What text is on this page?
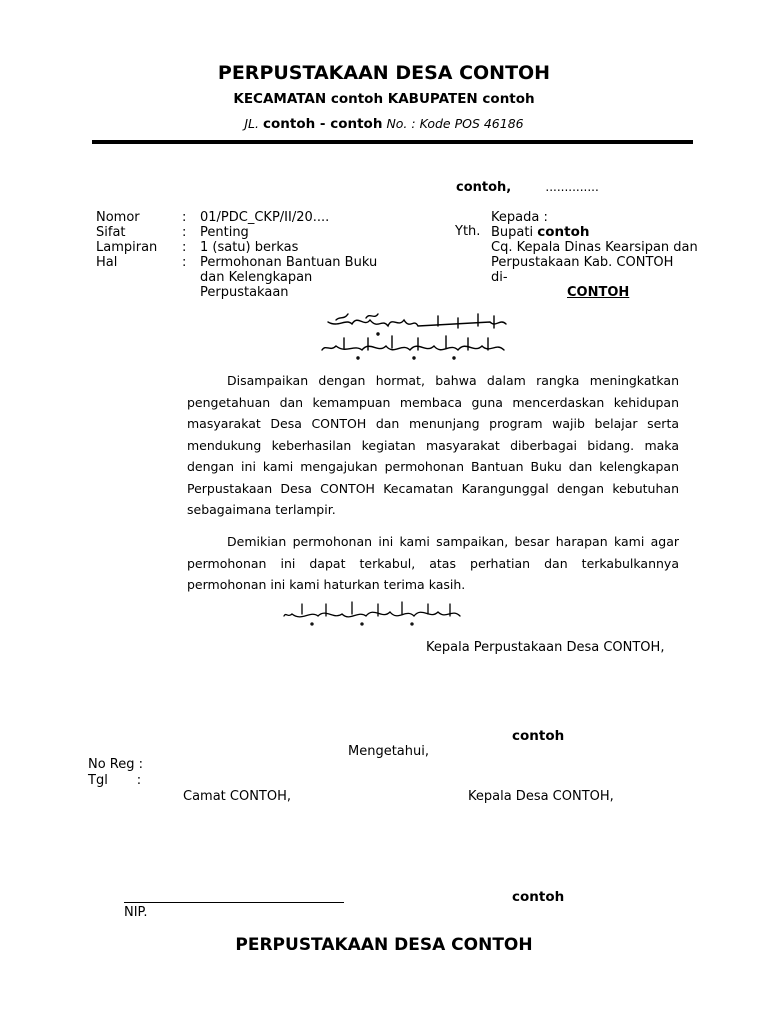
PERPUSTAKAAN DESA CONTOH
KECAMATAN contoh KABUPATEN contoh
JL. contoh - contoh No. : Kode POS 46186
contoh,	..............
Nomor	: 01/PDC_CKP/II/20....
Sifat	: Penting
Lampiran	: 1 (satu) berkas
Hal	: Permohonan Bantuan Buku dan Kelengkapan Perpustakaan
Yth.
Kepada :
Bupati contoh
Cq. Kepala Dinas Kearsipan dan
Perpustakaan Kab. CONTOH
di-
CONTOH
Disampaikan dengan hormat, bahwa dalam rangka meningkatkan pengetahuan dan kemampuan membaca guna mencerdaskan kehidupan masyarakat Desa CONTOH dan menunjang program wajib belajar serta mendukung keberhasilan kegiatan masyarakat diberbagai bidang. maka dengan ini kami mengajukan permohonan Bantuan Buku dan kelengkapan Perpustakaan Desa CONTOH Kecamatan Karangunggal dengan kebutuhan sebagaimana terlampir.
Demikian permohonan ini kami sampaikan, besar harapan kami agar permohonan ini dapat terkabul, atas perhatian dan terkabulkannya permohonan ini kami haturkan terima kasih.
Kepala Perpustakaan Desa CONTOH,
contoh
Mengetahui,
No Reg :
Tgl       :
Camat CONTOH,	Kepala Desa CONTOH,
NIP.
contoh
PERPUSTAKAAN DESA CONTOH
